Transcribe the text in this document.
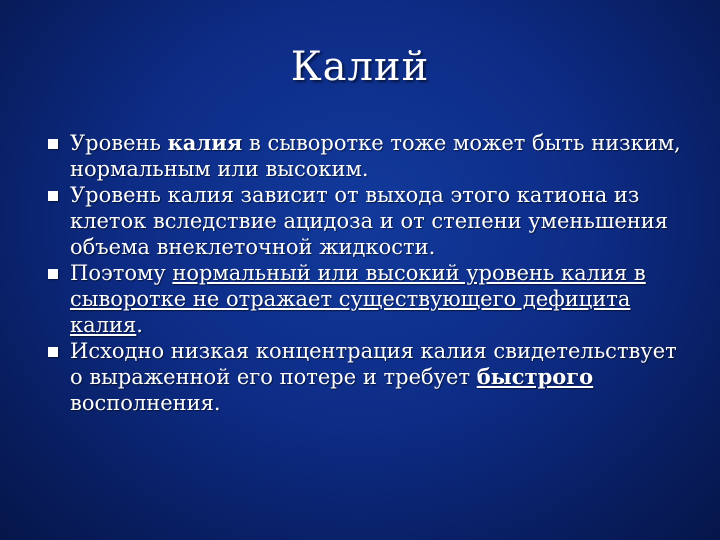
Калий
Уровень калия в сыворотке тоже может быть низким, нормальным или высоким.
Уровень калия зависит от выхода этого катиона из клеток вследствие ацидоза и от степени уменьшения объема внеклеточной жидкости.
Поэтому нормальный или высокий уровень калия в сыворотке не отражает существующего дефицита калия.
Исходно низкая концентрация калия свидетельствует о выраженной его потере и требует быстрого восполнения.
